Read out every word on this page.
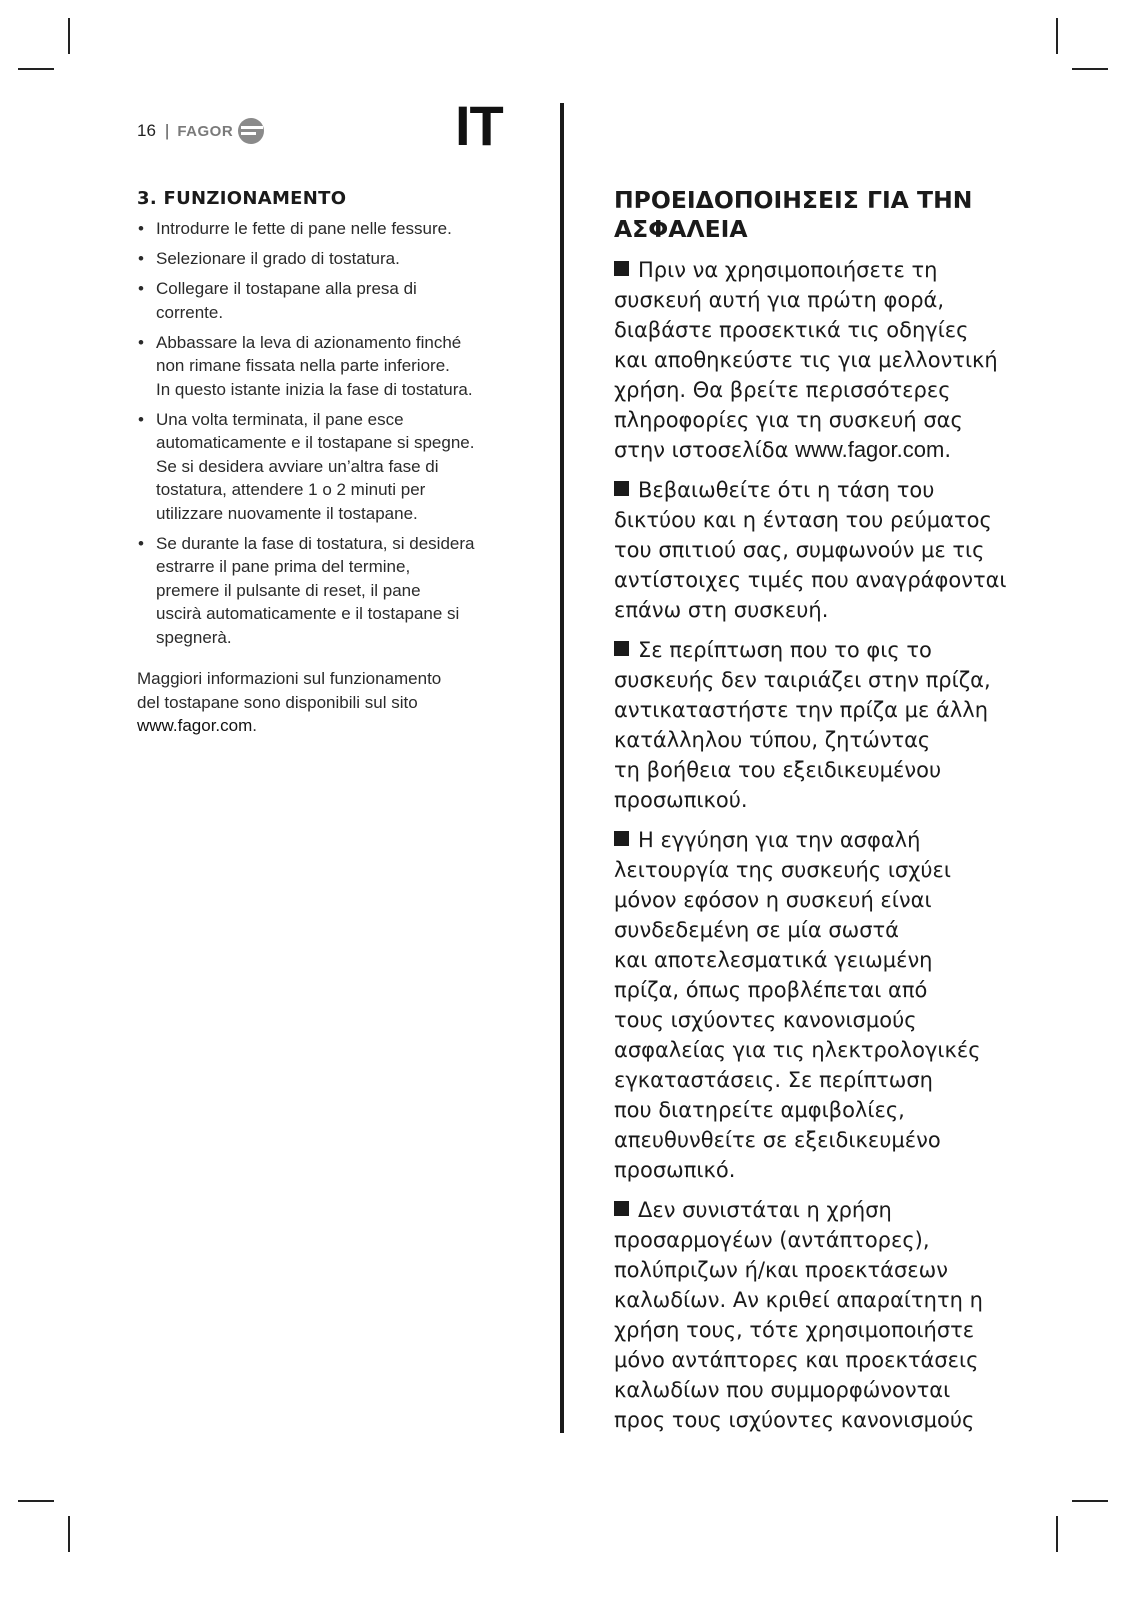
16 | FAGOR	IT
3. FUNZIONAMENTO
• Introdurre le fette di pane nelle fessure.
• Selezionare il grado di tostatura.
• Collegare il tostapane alla presa di
corrente.
• Abbassare la leva di azionamento finché
non rimane fissata nella parte inferiore.
In questo istante inizia la fase di tostatura.
• Una volta terminata, il pane esce
automaticamente e il tostapane si spegne.
Se si desidera avviare un’altra fase di
tostatura, attendere 1 o 2 minuti per
utilizzare nuovamente il tostapane.
• Se durante la fase di tostatura, si desidera
estrarre il pane prima del termine,
premere il pulsante di reset, il pane
uscirà automaticamente e il tostapane si
spegnerà.
Maggiori informazioni sul funzionamento
del tostapane sono disponibili sul sito
www.fagor.com.
ΠΡΟΕΙΔΟΠΟΙΗΣΕΙΣ ΓΙΑ ΤΗΝ
ΑΣΦΑΛΕΙΑ
Πριν να χρησιμοποιήσετε τη
συσκευή αυτή για πρώτη φορά,
διαβάστε προσεκτικά τις οδηγίες
και αποθηκεύστε τις για μελλοντική
χρήση. Θα βρείτε περισσότερες
πληροφορίες για τη συσκευή σας
στην ιστοσελίδα www.fagor.com.
Βεβαιωθείτε ότι η τάση του
δικτύου και η ένταση του ρεύματος
του σπιτιού σας, συμφωνούν με τις
αντίστοιχες τιμές που αναγράφονται
επάνω στη συσκευή.
Σε περίπτωση που το φις το
συσκευής δεν ταιριάζει στην πρίζα,
αντικαταστήστε την πρίζα με άλλη
κατάλληλου τύπου, ζητώντας
τη βοήθεια του εξειδικευμένου
προσωπικού.
Η εγγύηση για την ασφαλή
λειτουργία της συσκευής ισχύει
μόνον εφόσον η συσκευή είναι
συνδεδεμένη σε μία σωστά
και αποτελεσματικά γειωμένη
πρίζα, όπως προβλέπεται από
τους ισχύοντες κανονισμούς
ασφαλείας για τις ηλεκτρολογικές
εγκαταστάσεις. Σε περίπτωση
που διατηρείτε αμφιβολίες,
απευθυνθείτε σε εξειδικευμένο
προσωπικό.
Δεν συνιστάται η χρήση
προσαρμογέων (αντάπτορες),
πολύπριζων ή/και προεκτάσεων
καλωδίων. Αν κριθεί απαραίτητη η
χρήση τους, τότε χρησιμοποιήστε
μόνο αντάπτορες και προεκτάσεις
καλωδίων που συμμορφώνονται
προς τους ισχύοντες κανονισμούς
